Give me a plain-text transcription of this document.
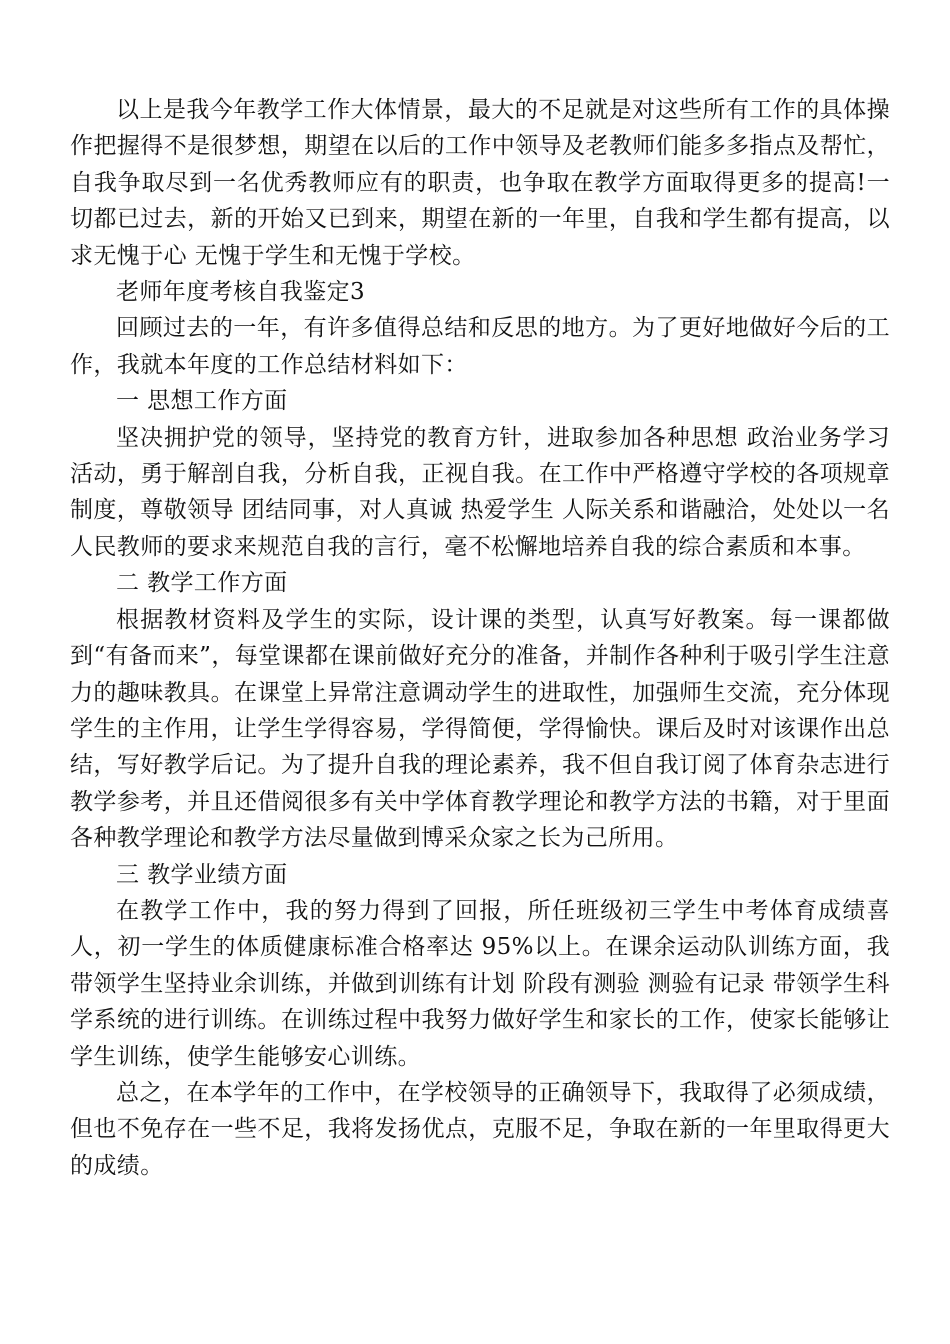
以上是我今年教学工作大体情景，最大的不足就是对这些所有工作的具体操作把握得不是很梦想，期望在以后的工作中领导及老教师们能多多指点及帮忙，自我争取尽到一名优秀教师应有的职责，也争取在教学方面取得更多的提高!一切都已过去，新的开始又已到来，期望在新的一年里，自我和学生都有提高，以求无愧于心 无愧于学生和无愧于学校。

老师年度考核自我鉴定3

回顾过去的一年，有许多值得总结和反思的地方。为了更好地做好今后的工作，我就本年度的工作总结材料如下：

一 思想工作方面

坚决拥护党的领导，坚持党的教育方针，进取参加各种思想 政治业务学习活动，勇于解剖自我，分析自我，正视自我。在工作中严格遵守学校的各项规章制度，尊敬领导 团结同事，对人真诚 热爱学生 人际关系和谐融洽，处处以一名人民教师的要求来规范自我的言行，毫不松懈地培养自我的综合素质和本事。

二 教学工作方面

根据教材资料及学生的实际，设计课的类型，认真写好教案。每一课都做到“有备而来”，每堂课都在课前做好充分的准备，并制作各种利于吸引学生注意力的趣味教具。在课堂上异常注意调动学生的进取性，加强师生交流，充分体现学生的主作用，让学生学得容易，学得简便，学得愉快。课后及时对该课作出总结，写好教学后记。为了提升自我的理论素养，我不但自我订阅了体育杂志进行教学参考，并且还借阅很多有关中学体育教学理论和教学方法的书籍，对于里面各种教学理论和教学方法尽量做到博采众家之长为己所用。

三 教学业绩方面

在教学工作中，我的努力得到了回报，所任班级初三学生中考体育成绩喜人，初一学生的体质健康标准合格率达 95%以上。在课余运动队训练方面，我带领学生坚持业余训练，并做到训练有计划 阶段有测验 测验有记录 带领学生科学系统的进行训练。在训练过程中我努力做好学生和家长的工作，使家长能够让学生训练，使学生能够安心训练。

总之，在本学年的工作中，在学校领导的正确领导下，我取得了必须成绩，但也不免存在一些不足，我将发扬优点，克服不足，争取在新的一年里取得更大的成绩。
